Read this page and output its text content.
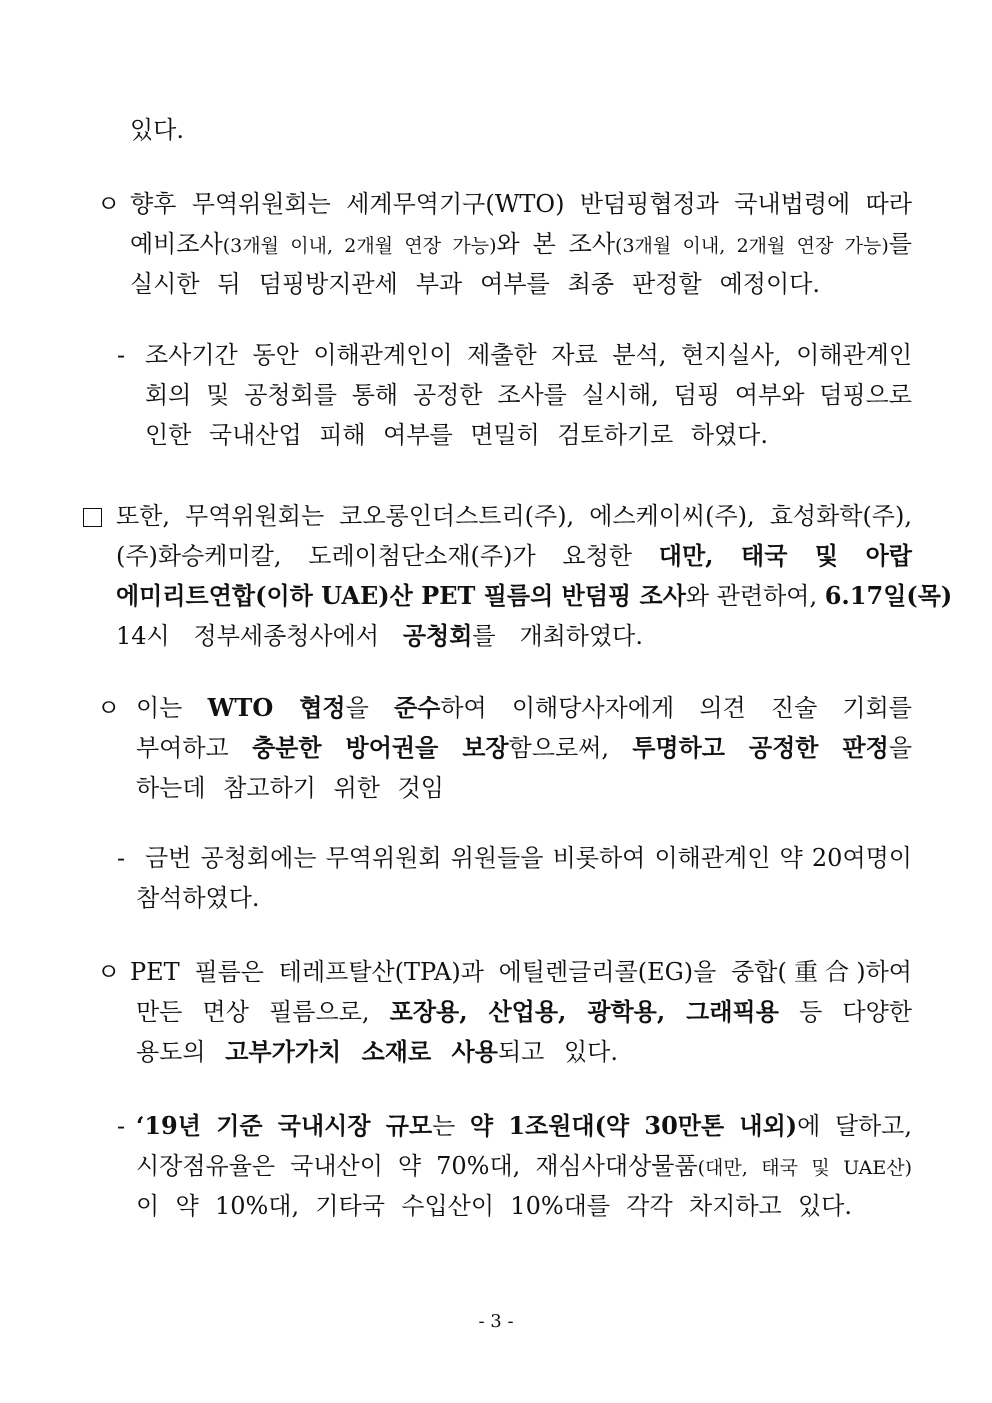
있다.
ㅇ 향후 무역위원회는 세계무역기구(WTO) 반덤핑협정과 국내법령에 따라
예비조사(3개월 이내, 2개월 연장 가능)와 본 조사(3개월 이내, 2개월 연장 가능)를
실시한 뒤 덤핑방지관세 부과 여부를 최종 판정할 예정이다.
- 조사기간 동안 이해관계인이 제출한 자료 분석, 현지실사, 이해관계인
회의 및 공청회를 통해 공정한 조사를 실시해, 덤핑 여부와 덤핑으로
인한 국내산업 피해 여부를 면밀히 검토하기로 하였다.
또한, 무역위원회는 코오롱인더스트리(주), 에스케이씨(주), 효성화학(주),
(주)화승케미칼, 도레이첨단소재(주)가 요청한 대만, 태국 및 아랍
에미리트연합(이하 UAE)산 PET 필름의 반덤핑 조사와 관련하여, 6.17일(목)
14시 정부세종청사에서 공청회를 개최하였다.
ㅇ 이는 WTO 협정을 준수하여 이해당사자에게 의견 진술 기회를
부여하고 충분한 방어권을 보장함으로써, 투명하고 공정한 판정을
하는데 참고하기 위한 것임
- 금번 공청회에는 무역위원회 위원들을 비롯하여 이해관계인 약 20여명이
참석하였다.
ㅇ PET 필름은 테레프탈산(TPA)과 에틸렌글리콜(EG)을 중합(重合)하여
만든 면상 필름으로, 포장용, 산업용, 광학용, 그래픽용 등 다양한
용도의 고부가가치 소재로 사용되고 있다.
- ‘19년 기준 국내시장 규모는 약 1조원대(약 30만톤 내외)에 달하고,
시장점유율은 국내산이 약 70%대, 재심사대상물품(대만, 태국 및 UAE산)
이 약 10%대, 기타국 수입산이 10%대를 각각 차지하고 있다.
- 3 -
